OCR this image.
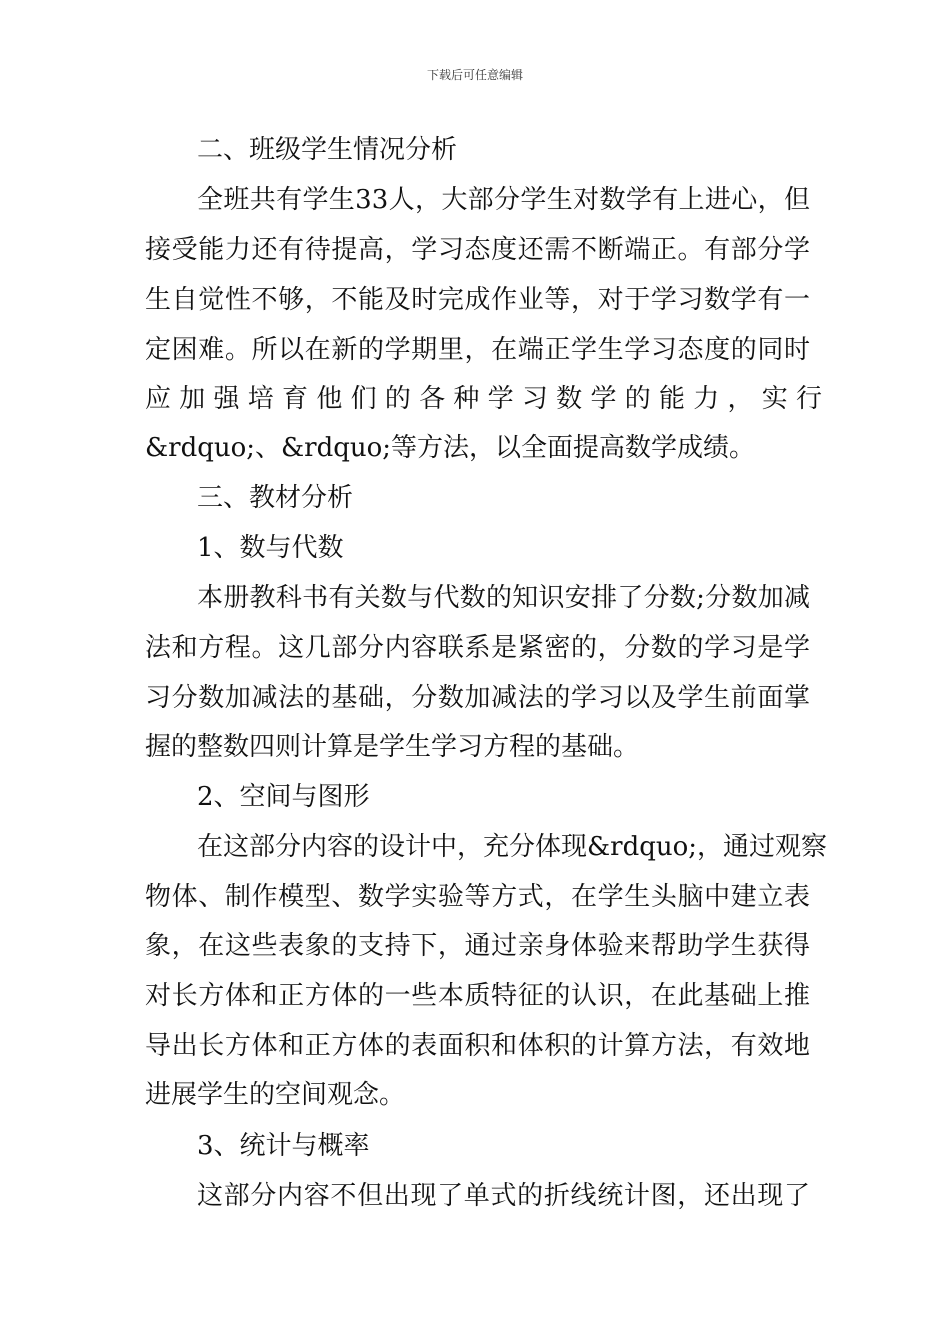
下载后可任意编辑
二、班级学生情况分析
全班共有学生33人，大部分学生对数学有上进心，但
接受能力还有待提高，学习态度还需不断端正。有部分学
生自觉性不够，不能及时完成作业等，对于学习数学有一
定困难。所以在新的学期里，在端正学生学习态度的同时
应 加 强 培 育 他 们 的 各 种 学 习 数 学 的 能 力 ， 实 行
&rdquo;、&rdquo;等方法，以全面提高数学成绩。
三、教材分析
1、数与代数
本册教科书有关数与代数的知识安排了分数;分数加减
法和方程。这几部分内容联系是紧密的，分数的学习是学
习分数加减法的基础，分数加减法的学习以及学生前面掌
握的整数四则计算是学生学习方程的基础。
2、空间与图形
在这部分内容的设计中，充分体现&rdquo;，通过观察
物体、制作模型、数学实验等方式，在学生头脑中建立表
象，在这些表象的支持下，通过亲身体验来帮助学生获得
对长方体和正方体的一些本质特征的认识，在此基础上推
导出长方体和正方体的表面积和体积的计算方法，有效地
进展学生的空间观念。
3、统计与概率
这部分内容不但出现了单式的折线统计图，还出现了
